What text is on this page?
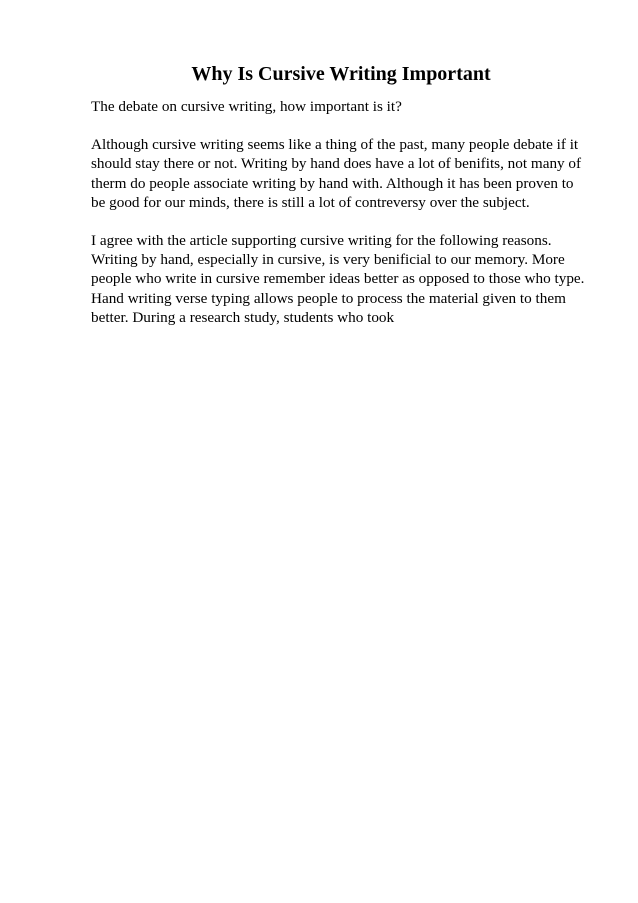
Why Is Cursive Writing Important

The debate on cursive writing, how important is it?

Although cursive writing seems like a thing of the past, many people debate if it should stay there or not. Writing by hand does have a lot of benifits, not many of therm do people associate writing by hand with. Although it has been proven to be good for our minds, there is still a lot of contreversy over the subject.

I agree with the article supporting cursive writing for the following reasons. Writing by hand, especially in cursive, is very benificial to our memory. More people who write in cursive remember ideas better as opposed to those who type. Hand writing verse typing allows people to process the material given to them better. During a research study, students who took
